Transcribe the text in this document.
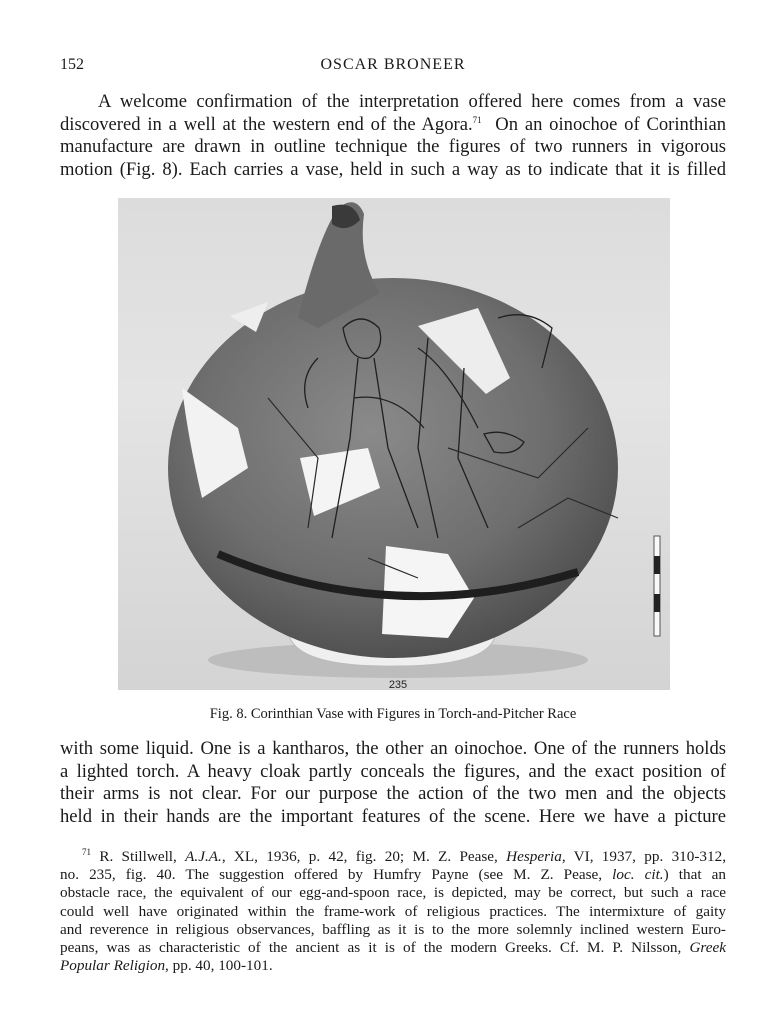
152	OSCAR BRONEER
A welcome confirmation of the interpretation offered here comes from a vase
discovered in a well at the western end of the Agora.$^{71}$ On an oinochoe of Corinthian
manufacture are drawn in outline technique the figures of two runners in vigorous
motion (Fig. 8). Each carries a vase, held in such a way as to indicate that it is filled
235
Fig. 8. Corinthian Vase with Figures in Torch-and-Pitcher Race
with some liquid. One is a kantharos, the other an oinochoe. One of the runners holds
a lighted torch. A heavy cloak partly conceals the figures, and the exact position of
their arms is not clear. For our purpose the action of the two men and the objects
held in their hands are the important features of the scene. Here we have a picture
$^{71}$ R. Stillwell, A.J.A., XL, 1936, p. 42, fig. 20; M. Z. Pease, Hesperia, VI, 1937, pp. 310-312,
no. 235, fig. 40. The suggestion offered by Humfry Payne (see M. Z. Pease, loc. cit.) that an
obstacle race, the equivalent of our egg-and-spoon race, is depicted, may be correct, but such a race
could well have originated within the frame-work of religious practices. The intermixture of gaity
and reverence in religious observances, baffling as it is to the more solemnly inclined western Euro-
peans, was as characteristic of the ancient as it is of the modern Greeks. Cf. M. P. Nilsson, Greek
Popular Religion, pp. 40, 100-101.
